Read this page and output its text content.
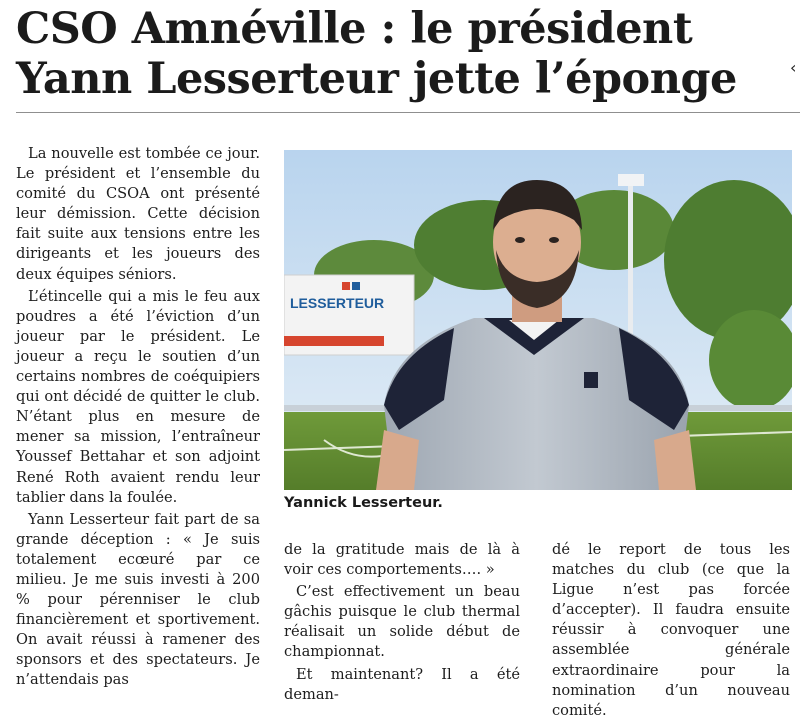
CSO Amnéville : le président
Yann Lesserteur jette l’éponge	‹

La nouvelle est tombée ce jour. Le président et l’ensemble du comité du CSOA ont présenté leur démission. Cette décision fait suite aux tensions entre les dirigeants et les joueurs des deux équipes séniors.

L’étincelle qui a mis le feu aux poudres a été l’éviction d’un joueur par le président. Le joueur a reçu le soutien d’un certains nombres de coéquipiers qui ont décidé de quitter le club. N’étant plus en mesure de mener sa mission, l’entraîneur Youssef Bettahar et son adjoint René Roth avaient rendu leur tablier dans la foulée.

Yann Lesserteur fait part de sa grande déception : « Je suis totalement ecœuré par ce milieu. Je me suis investi à 200 % pour pérenniser le club financièrement et sportivement. On avait réussi à ramener des sponsors et des spectateurs. Je n’attendais pas

LESSERTEUR
Yannick Lesserteur.

de la gratitude mais de là à voir ces comportements…. »

C’est effectivement un beau gâchis puisque le club thermal réalisait un solide début de championnat.

Et maintenant? Il a été deman-

dé le report de tous les matches du club (ce que la Ligue n’est pas forcée d’accepter). Il faudra ensuite réussir à convoquer une assemblée générale extraordinaire pour la nomination d’un nouveau comité.
